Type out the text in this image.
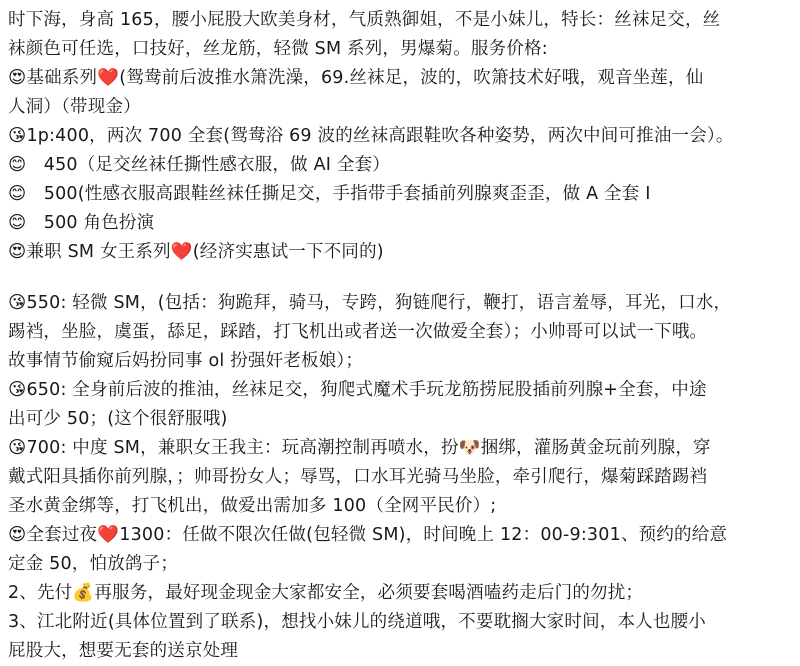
时下海，身高 165，腰小屁股大欧美身材，气质熟御姐，不是小妹儿，特长：丝袜足交，丝
袜颜色可任选，口技好，丝龙筋，轻微 SM 系列，男爆菊。服务价格:
😍基础系列❤️(鸳鸯前后波推水箫洗澡，69.丝袜足，波的，吹箫技术好哦，观音坐莲，仙
人洞）（带现金）
😘1p:400，两次 700 全套(鸳鸯浴 69 波的丝袜高跟鞋吹各种姿势，两次中间可推油一会）。
😊   450（足交丝袜任撕性感衣服，做 AI 全套）
😊   500(性感衣服高跟鞋丝袜任撕足交，手指带手套插前列腺爽歪歪，做 A 全套 I
😊   500 角色扮演
😍兼职 SM 女王系列❤️(经济实惠试一下不同的)
😘550: 轻微 SM，(包括：狗跪拜，骑马，专跨，狗链爬行，鞭打，语言羞辱，耳光，口水，
踢裆，坐脸，虞蛋，舔足，踩踏，打飞机出或者送一次做爱全套）；小帅哥可以试一下哦。
故事情节偷窥后妈扮同事 ol 扮强奸老板娘）；
😘650: 全身前后波的推油，丝袜足交，狗爬式魔术手玩龙筋捞屁股插前列腺+全套，中途
出可少 50；(这个很舒服哦)
😘700: 中度 SM，兼职女王我主：玩高潮控制再喷水，扮🐶捆绑，灌肠黄金玩前列腺，穿
戴式阳具插你前列腺，；帅哥扮女人；辱骂，口水耳光骑马坐脸，牵引爬行，爆菊踩踏踢裆
圣水黄金绑等，打飞机出，做爱出需加多 100（全网平民价）;
😍全套过夜❤️1300：任做不限次任做(包轻微 SM)，时间晚上 12：00-9:301、预约的给意
定金 50，怕放鸽子；
2、先付💰再服务，最好现金现金大家都安全，必须要套喝酒嗑药走后门的勿扰；
3、江北附近(具体位置到了联系)，想找小妹儿的绕道哦，不要耽搁大家时间，本人也腰小
屁股大，想要无套的送京处理
